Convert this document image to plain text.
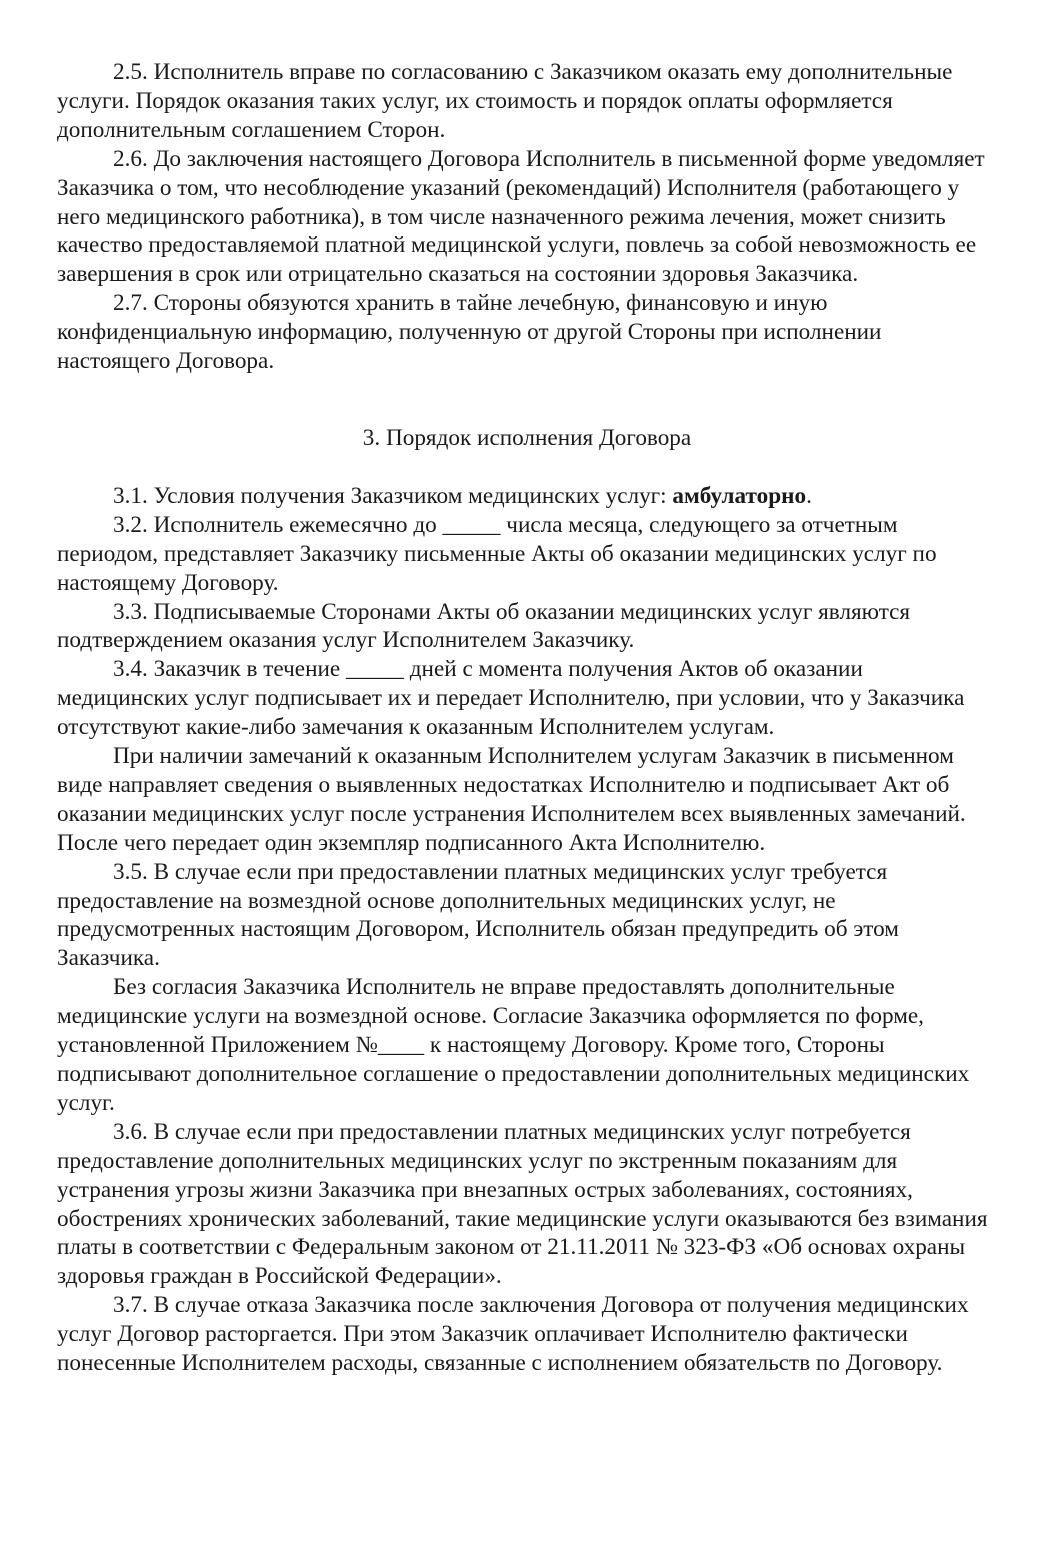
2.5. Исполнитель вправе по согласованию с Заказчиком оказать ему дополнительные услуги. Порядок оказания таких услуг, их стоимость и порядок оплаты оформляется дополнительным соглашением Сторон.

2.6. До заключения настоящего Договора Исполнитель в письменной форме уведомляет Заказчика о том, что несоблюдение указаний (рекомендаций) Исполнителя (работающего у него медицинского работника), в том числе назначенного режима лечения, может снизить качество предоставляемой платной медицинской услуги, повлечь за собой невозможность ее завершения в срок или отрицательно сказаться на состоянии здоровья Заказчика.

2.7. Стороны обязуются хранить в тайне лечебную, финансовую и иную конфиденциальную информацию, полученную от другой Стороны при исполнении настоящего Договора.

3. Порядок исполнения Договора

3.1. Условия получения Заказчиком медицинских услуг: амбулаторно.

3.2. Исполнитель ежемесячно до _____ числа месяца, следующего за отчетным периодом, представляет Заказчику письменные Акты об оказании медицинских услуг по настоящему Договору.

3.3. Подписываемые Сторонами Акты об оказании медицинских услуг являются подтверждением оказания услуг Исполнителем Заказчику.

3.4. Заказчик в течение _____ дней с момента получения Актов об оказании медицинских услуг подписывает их и передает Исполнителю, при условии, что у Заказчика отсутствуют какие-либо замечания к оказанным Исполнителем услугам.

При наличии замечаний к оказанным Исполнителем услугам Заказчик в письменном виде направляет сведения о выявленных недостатках Исполнителю и подписывает Акт об оказании медицинских услуг после устранения Исполнителем всех выявленных замечаний. После чего передает один экземпляр подписанного Акта Исполнителю.

3.5. В случае если при предоставлении платных медицинских услуг требуется предоставление на возмездной основе дополнительных медицинских услуг, не предусмотренных настоящим Договором, Исполнитель обязан предупредить об этом Заказчика.

Без согласия Заказчика Исполнитель не вправе предоставлять дополнительные медицинские услуги на возмездной основе. Согласие Заказчика оформляется по форме, установленной Приложением №____ к настоящему Договору. Кроме того, Стороны подписывают дополнительное соглашение о предоставлении дополнительных медицинских услуг.

3.6. В случае если при предоставлении платных медицинских услуг потребуется предоставление дополнительных медицинских услуг по экстренным показаниям для устранения угрозы жизни Заказчика при внезапных острых заболеваниях, состояниях, обострениях хронических заболеваний, такие медицинские услуги оказываются без взимания платы в соответствии с Федеральным законом от 21.11.2011 № 323-ФЗ «Об основах охраны здоровья граждан в Российской Федерации».

3.7. В случае отказа Заказчика после заключения Договора от получения медицинских услуг Договор расторгается. При этом Заказчик оплачивает Исполнителю фактически понесенные Исполнителем расходы, связанные с исполнением обязательств по Договору.
